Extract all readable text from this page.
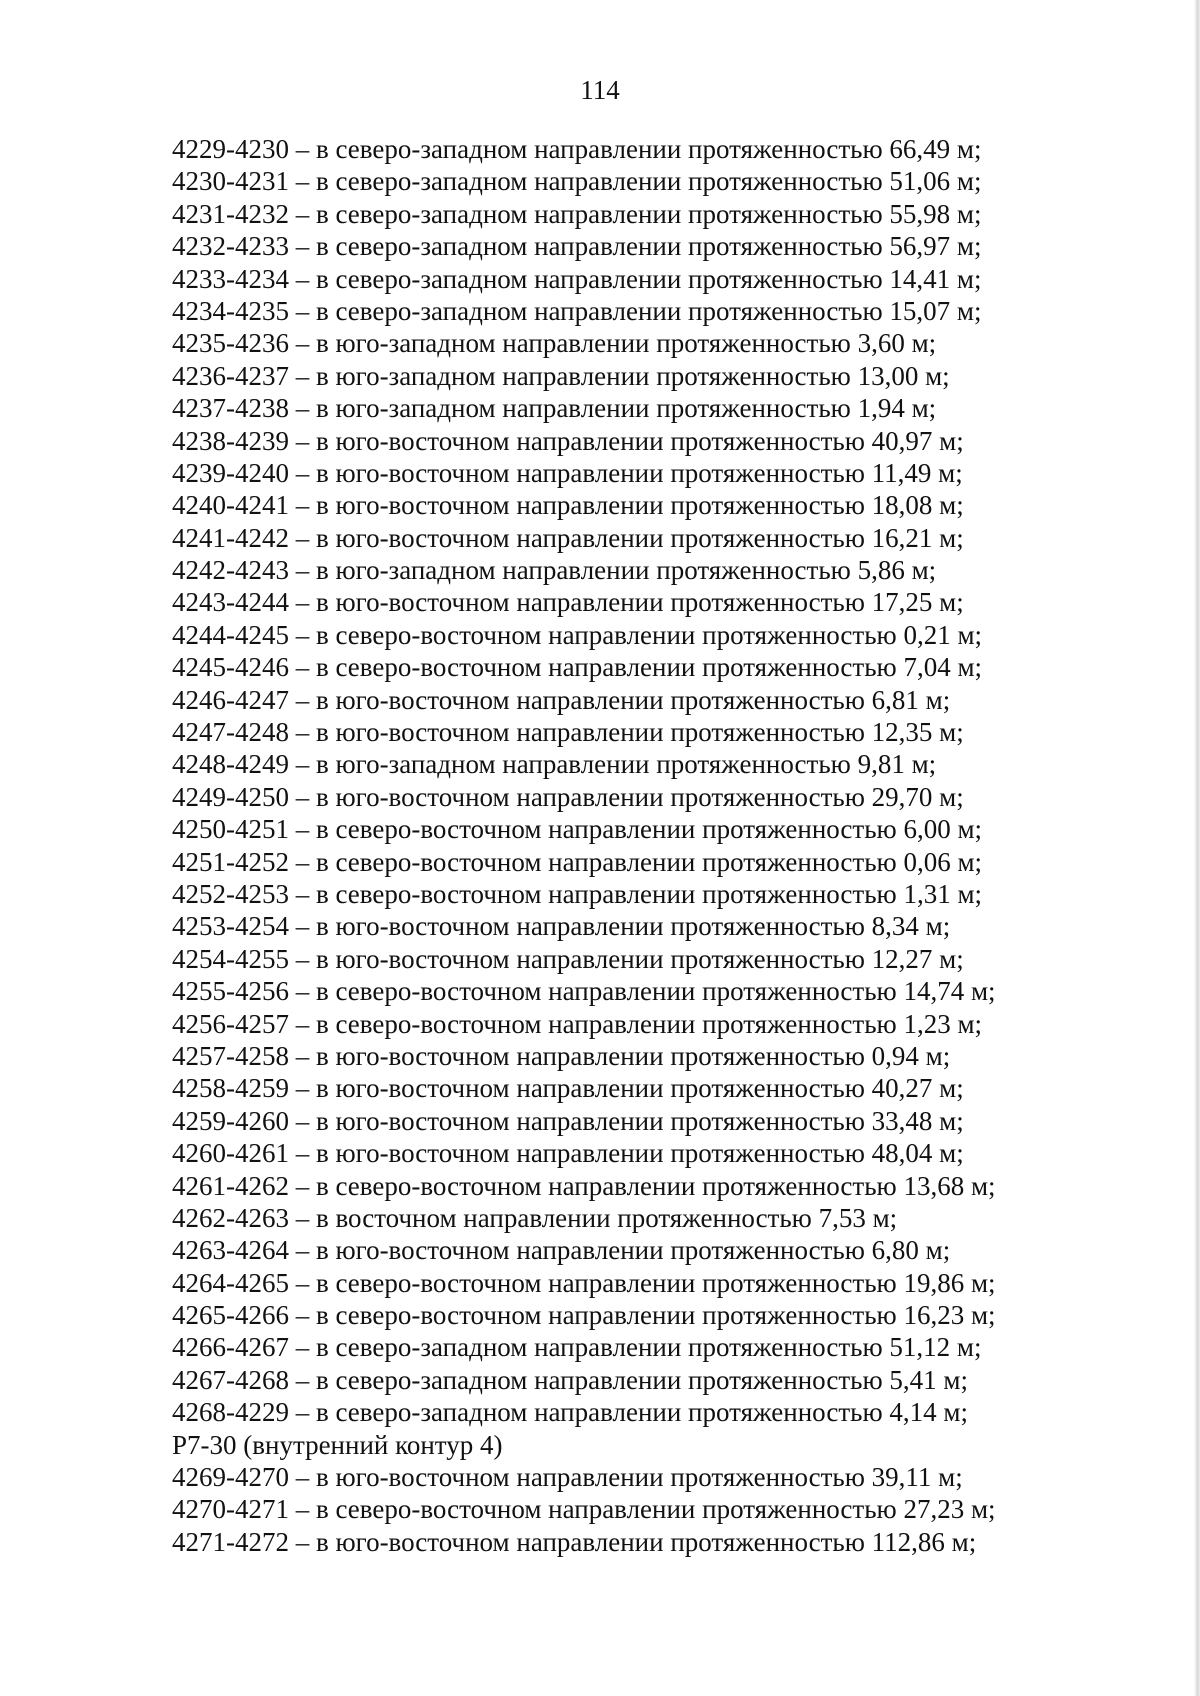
114
4229-4230 – в северо-западном направлении протяженностью 66,49 м;
4230-4231 – в северо-западном направлении протяженностью 51,06 м;
4231-4232 – в северо-западном направлении протяженностью 55,98 м;
4232-4233 – в северо-западном направлении протяженностью 56,97 м;
4233-4234 – в северо-западном направлении протяженностью 14,41 м;
4234-4235 – в северо-западном направлении протяженностью 15,07 м;
4235-4236 – в юго-западном направлении протяженностью 3,60 м;
4236-4237 – в юго-западном направлении протяженностью 13,00 м;
4237-4238 – в юго-западном направлении протяженностью 1,94 м;
4238-4239 – в юго-восточном направлении протяженностью 40,97 м;
4239-4240 – в юго-восточном направлении протяженностью 11,49 м;
4240-4241 – в юго-восточном направлении протяженностью 18,08 м;
4241-4242 – в юго-восточном направлении протяженностью 16,21 м;
4242-4243 – в юго-западном направлении протяженностью 5,86 м;
4243-4244 – в юго-восточном направлении протяженностью 17,25 м;
4244-4245 – в северо-восточном направлении протяженностью 0,21 м;
4245-4246 – в северо-восточном направлении протяженностью 7,04 м;
4246-4247 – в юго-восточном направлении протяженностью 6,81 м;
4247-4248 – в юго-восточном направлении протяженностью 12,35 м;
4248-4249 – в юго-западном направлении протяженностью 9,81 м;
4249-4250 – в юго-восточном направлении протяженностью 29,70 м;
4250-4251 – в северо-восточном направлении протяженностью 6,00 м;
4251-4252 – в северо-восточном направлении протяженностью 0,06 м;
4252-4253 – в северо-восточном направлении протяженностью 1,31 м;
4253-4254 – в юго-восточном направлении протяженностью 8,34 м;
4254-4255 – в юго-восточном направлении протяженностью 12,27 м;
4255-4256 – в северо-восточном направлении протяженностью 14,74 м;
4256-4257 – в северо-восточном направлении протяженностью 1,23 м;
4257-4258 – в юго-восточном направлении протяженностью 0,94 м;
4258-4259 – в юго-восточном направлении протяженностью 40,27 м;
4259-4260 – в юго-восточном направлении протяженностью 33,48 м;
4260-4261 – в юго-восточном направлении протяженностью 48,04 м;
4261-4262 – в северо-восточном направлении протяженностью 13,68 м;
4262-4263 – в восточном направлении протяженностью 7,53 м;
4263-4264 – в юго-восточном направлении протяженностью 6,80 м;
4264-4265 – в северо-восточном направлении протяженностью 19,86 м;
4265-4266 – в северо-восточном направлении протяженностью 16,23 м;
4266-4267 – в северо-западном направлении протяженностью 51,12 м;
4267-4268 – в северо-западном направлении протяженностью 5,41 м;
4268-4229 – в северо-западном направлении протяженностью 4,14 м;
Р7-30 (внутренний контур 4)
4269-4270 – в юго-восточном направлении протяженностью 39,11 м;
4270-4271 – в северо-восточном направлении протяженностью 27,23 м;
4271-4272 – в юго-восточном направлении протяженностью 112,86 м;
